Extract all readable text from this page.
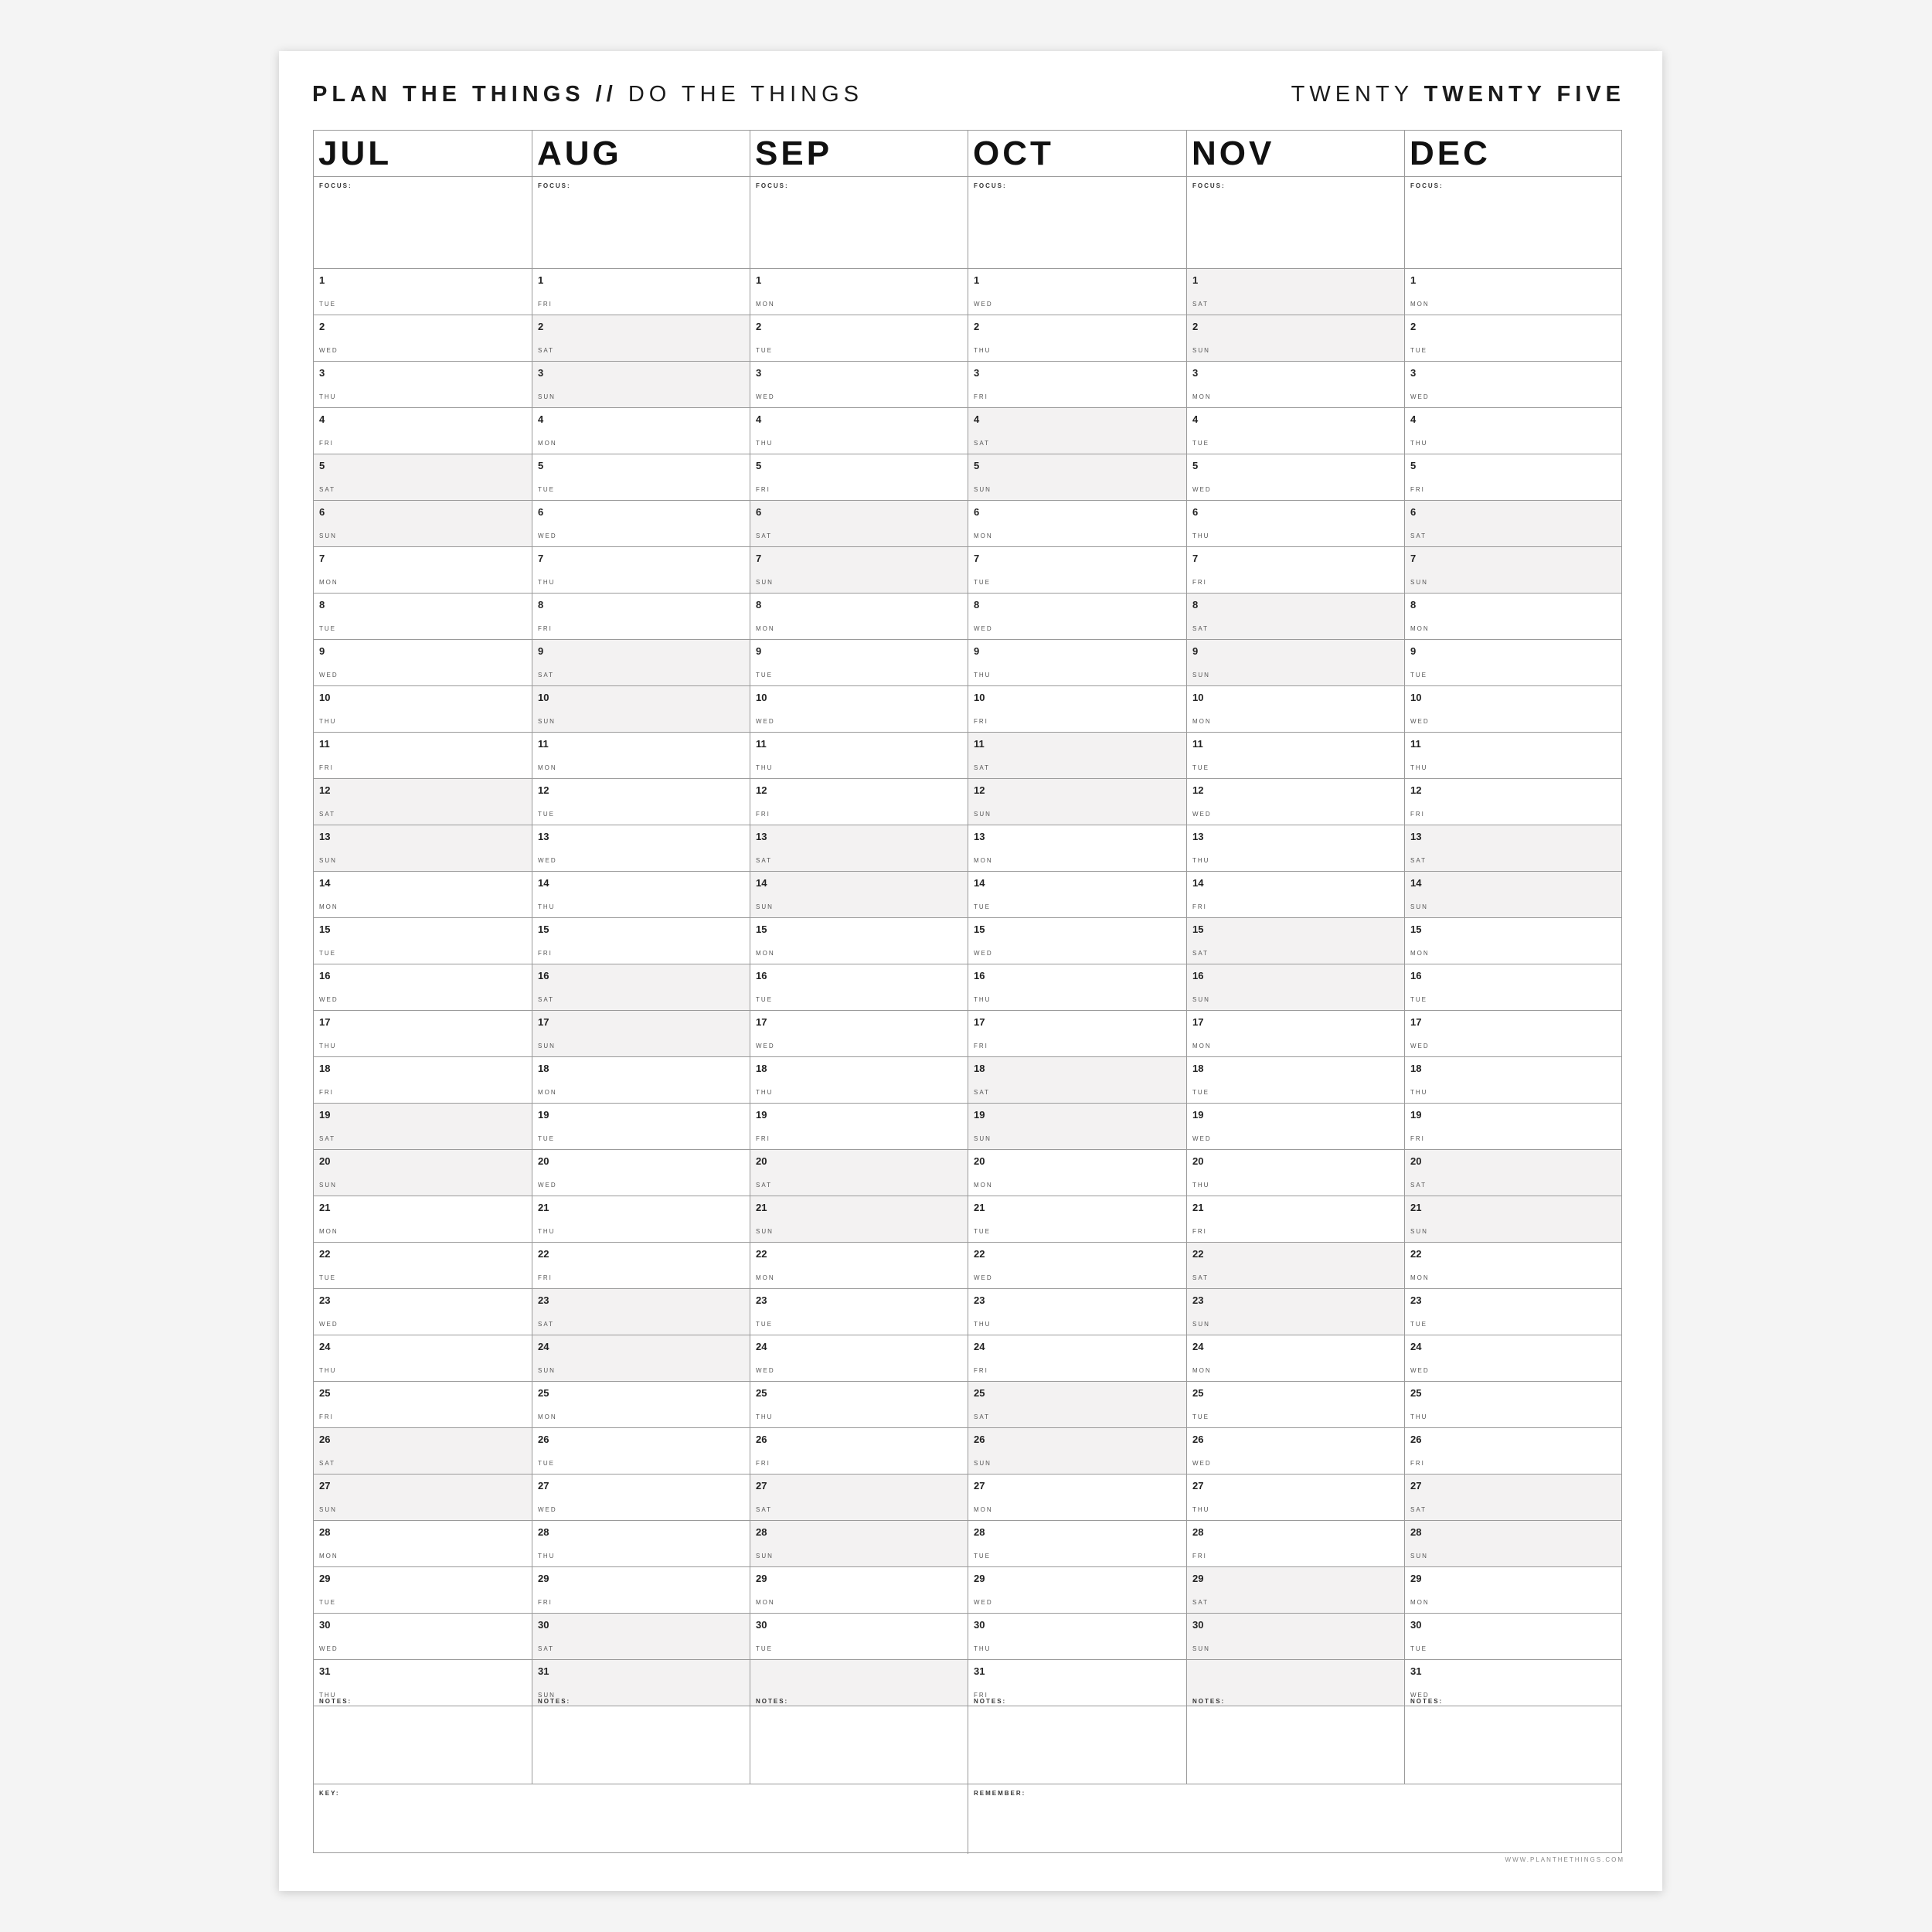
PLAN THE THINGS // DO THE THINGS	TWENTY TWENTY FIVE
KEY:	REMEMBER:
JUL
FOCUS:
1
TUE
2
WED
3
THU
4
FRI
5
SAT
6
SUN
7
MON
8
TUE
9
WED
10
THU
11
FRI
12
SAT
13
SUN
14
MON
15
TUE
16
WED
17
THU
18
FRI
19
SAT
20
SUN
21
MON
22
TUE
23
WED
24
THU
25
FRI
26
SAT
27
SUN
28
MON
29
TUE
30
WED
31
THU
NOTES:
AUG
FOCUS:
1
FRI
2
SAT
3
SUN
4
MON
5
TUE
6
WED
7
THU
8
FRI
9
SAT
10
SUN
11
MON
12
TUE
13
WED
14
THU
15
FRI
16
SAT
17
SUN
18
MON
19
TUE
20
WED
21
THU
22
FRI
23
SAT
24
SUN
25
MON
26
TUE
27
WED
28
THU
29
FRI
30
SAT
31
SUN
NOTES:
SEP
FOCUS:
1
MON
2
TUE
3
WED
4
THU
5
FRI
6
SAT
7
SUN
8
MON
9
TUE
10
WED
11
THU
12
FRI
13
SAT
14
SUN
15
MON
16
TUE
17
WED
18
THU
19
FRI
20
SAT
21
SUN
22
MON
23
TUE
24
WED
25
THU
26
FRI
27
SAT
28
SUN
29
MON
30
TUE
NOTES:
OCT
FOCUS:
1
WED
2
THU
3
FRI
4
SAT
5
SUN
6
MON
7
TUE
8
WED
9
THU
10
FRI
11
SAT
12
SUN
13
MON
14
TUE
15
WED
16
THU
17
FRI
18
SAT
19
SUN
20
MON
21
TUE
22
WED
23
THU
24
FRI
25
SAT
26
SUN
27
MON
28
TUE
29
WED
30
THU
31
FRI
NOTES:
NOV
FOCUS:
1
SAT
2
SUN
3
MON
4
TUE
5
WED
6
THU
7
FRI
8
SAT
9
SUN
10
MON
11
TUE
12
WED
13
THU
14
FRI
15
SAT
16
SUN
17
MON
18
TUE
19
WED
20
THU
21
FRI
22
SAT
23
SUN
24
MON
25
TUE
26
WED
27
THU
28
FRI
29
SAT
30
SUN
NOTES:
DEC
FOCUS:
1
MON
2
TUE
3
WED
4
THU
5
FRI
6
SAT
7
SUN
8
MON
9
TUE
10
WED
11
THU
12
FRI
13
SAT
14
SUN
15
MON
16
TUE
17
WED
18
THU
19
FRI
20
SAT
21
SUN
22
MON
23
TUE
24
WED
25
THU
26
FRI
27
SAT
28
SUN
29
MON
30
TUE
31
WED
NOTES:
WWW.PLANTHETHINGS.COM
